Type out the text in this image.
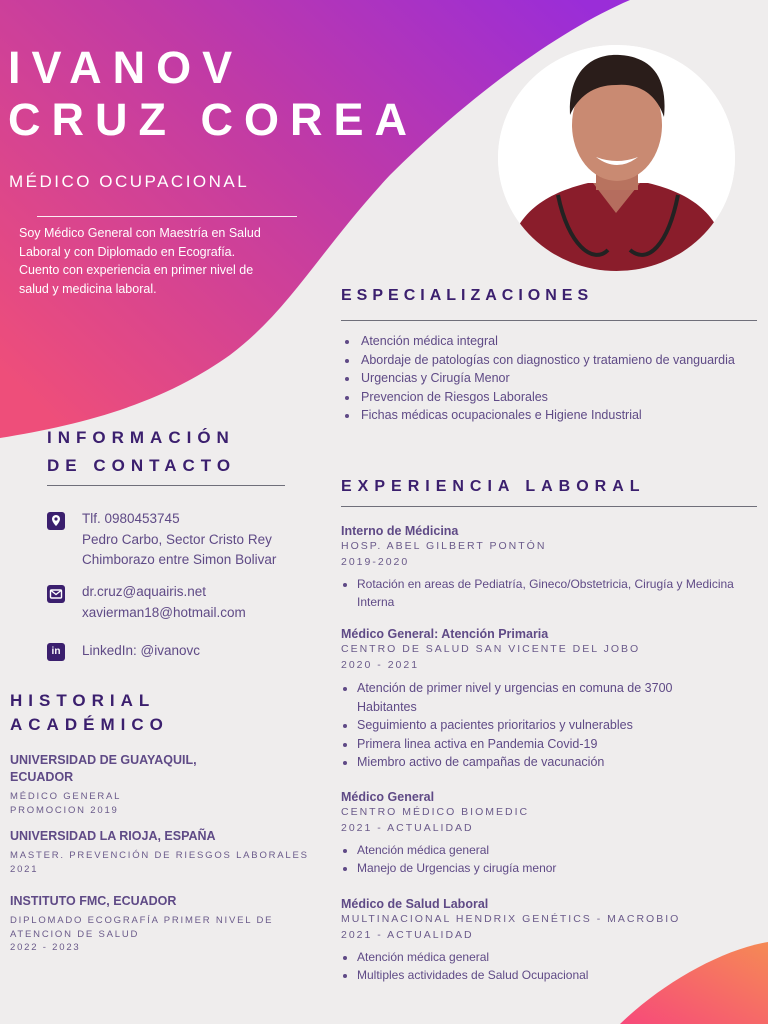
IVANOV
CRUZ COREA
MÉDICO OCUPACIONAL

Soy Médico General con Maestría en Salud Laboral y con Diplomado en Ecografía. Cuento con experiencia en primer nivel de salud y medicina laboral.	ESPECIALIZACIONES
• Atención médica integral
• Abordaje de patologías con diagnostico y tratamieno de vanguardia
• Urgencias y Cirugía Menor
• Prevencion de Riesgos Laborales
• Fichas médicas ocupacionales e Higiene Industrial
INFORMACIÓN
DE CONTACTO

Tlf. 0980453745

Pedro Carbo, Sector Cristo Rey

Chimborazo entre Simon Bolivar

dr.cruz@aquairis.net

xavierman18@hotmail.com

in	LinkedIn: @ivanovc

HISTORIAL
ACADÉMICO

UNIVERSIDAD DE GUAYAQUIL, ECUADOR

MÉDICO GENERAL

PROMOCION 2019

UNIVERSIDAD LA RIOJA, ESPAÑA

MASTER. PREVENCIÓN DE RIESGOS LABORALES

2021

INSTITUTO FMC, ECUADOR

DIPLOMADO ECOGRAFÍA PRIMER NIVEL DE ATENCION DE SALUD

2022 - 2023

EXPERIENCIA LABORAL

Interno de Médicina

HOSP. ABEL GILBERT PONTÓN

2019-2020

• Rotación en areas de Pediatría, Gineco/Obstetricia, Cirugía y Medicina Interna

Médico General: Atención Primaria

CENTRO DE SALUD SAN VICENTE DEL JOBO

2020 - 2021

• Atención de primer nivel y urgencias en comuna de 3700 Habitantes
• Seguimiento a pacientes prioritarios y vulnerables
• Primera linea activa en Pandemia Covid-19
• Miembro activo de campañas de vacunación

Médico General

CENTRO MÉDICO BIOMEDIC

2021 - ACTUALIDAD

• Atención médica general
• Manejo de Urgencias y cirugía menor

Médico de Salud Laboral

MULTINACIONAL HENDRIX GENÉTICS - MACROBIO

2021 - ACTUALIDAD

• Atención médica general
• Multiples actividades de Salud Ocupacional
